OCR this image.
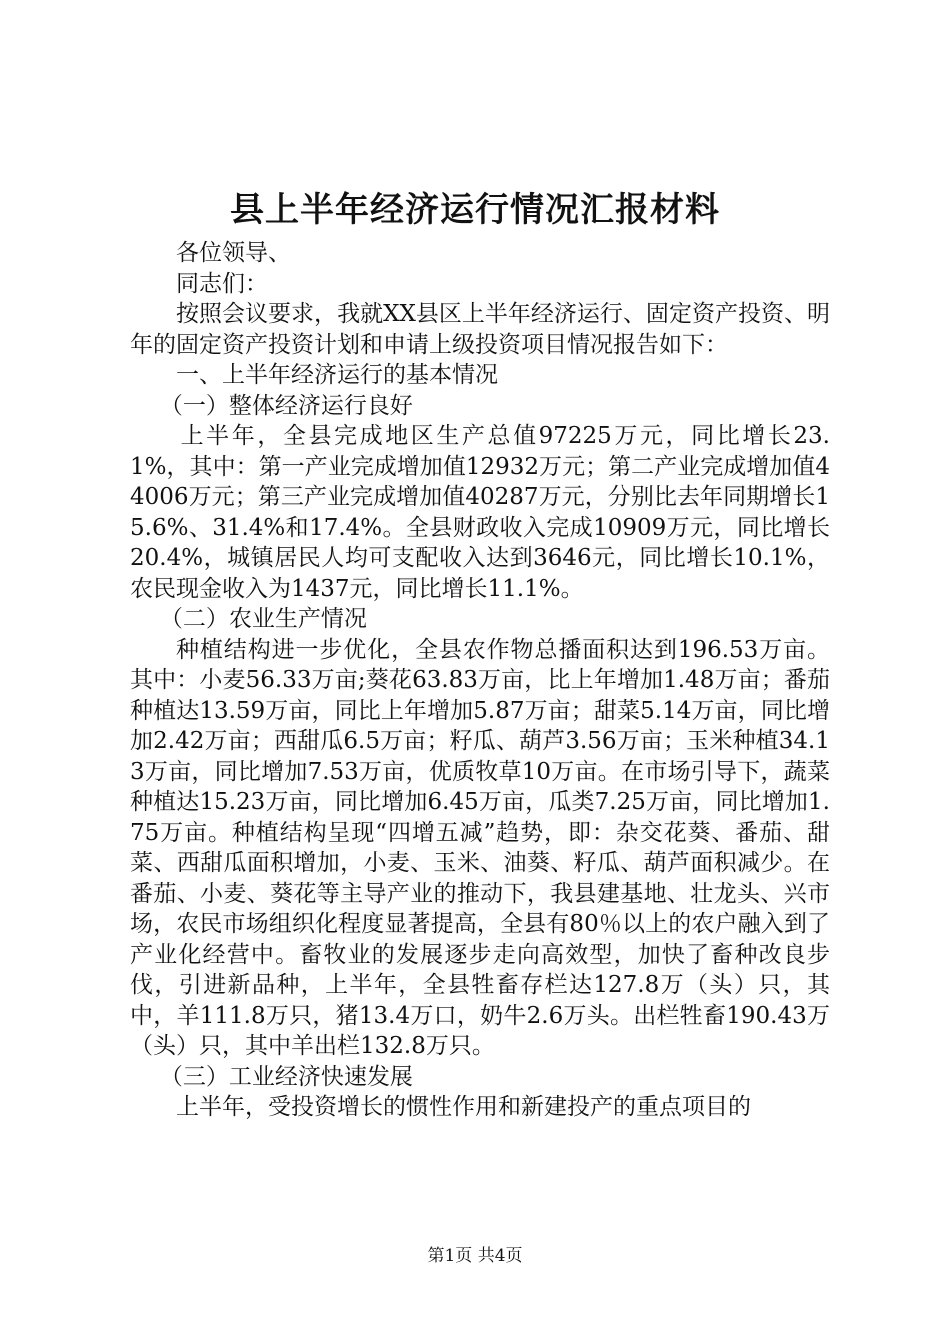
县上半年经济运行情况汇报材料

各位领导、

同志们：

按照会议要求，我就XX县区上半年经济运行、固定资产投资、明年的固定资产投资计划和申请上级投资项目情况报告如下：

一、上半年经济运行的基本情况

（一）整体经济运行良好

上半年，全县完成地区生产总值97225万元，同比增长23.1%，其中：第一产业完成增加值12932万元；第二产业完成增加值44006万元；第三产业完成增加值40287万元，分别比去年同期增长15.6%、31.4%和17.4%。全县财政收入完成10909万元，同比增长20.4%，城镇居民人均可支配收入达到3646元，同比增长10.1%，农民现金收入为1437元，同比增长11.1%。

（二）农业生产情况

种植结构进一步优化，全县农作物总播面积达到196.53万亩。其中：小麦56.33万亩;葵花63.83万亩，比上年增加1.48万亩；番茄种植达13.59万亩，同比上年增加5.87万亩；甜菜5.14万亩，同比增加2.42万亩；西甜瓜6.5万亩；籽瓜、葫芦3.56万亩；玉米种植34.13万亩，同比增加7.53万亩，优质牧草10万亩。在市场引导下，蔬菜种植达15.23万亩，同比增加6.45万亩，瓜类7.25万亩，同比增加1.75万亩。种植结构呈现“四增五减”趋势，即：杂交花葵、番茄、甜菜、西甜瓜面积增加，小麦、玉米、油葵、籽瓜、葫芦面积减少。在番茄、小麦、葵花等主导产业的推动下，我县建基地、壮龙头、兴市场，农民市场组织化程度显著提高，全县有80％以上的农户融入到了产业化经营中。畜牧业的发展逐步走向高效型，加快了畜种改良步伐，引进新品种，上半年，全县牲畜存栏达127.8万（头）只，其中，羊111.8万只，猪13.4万口，奶牛2.6万头。出栏牲畜190.43万（头）只，其中羊出栏132.8万只。

（三）工业经济快速发展

上半年，受投资增长的惯性作用和新建投产的重点项目的

第1页 共4页
